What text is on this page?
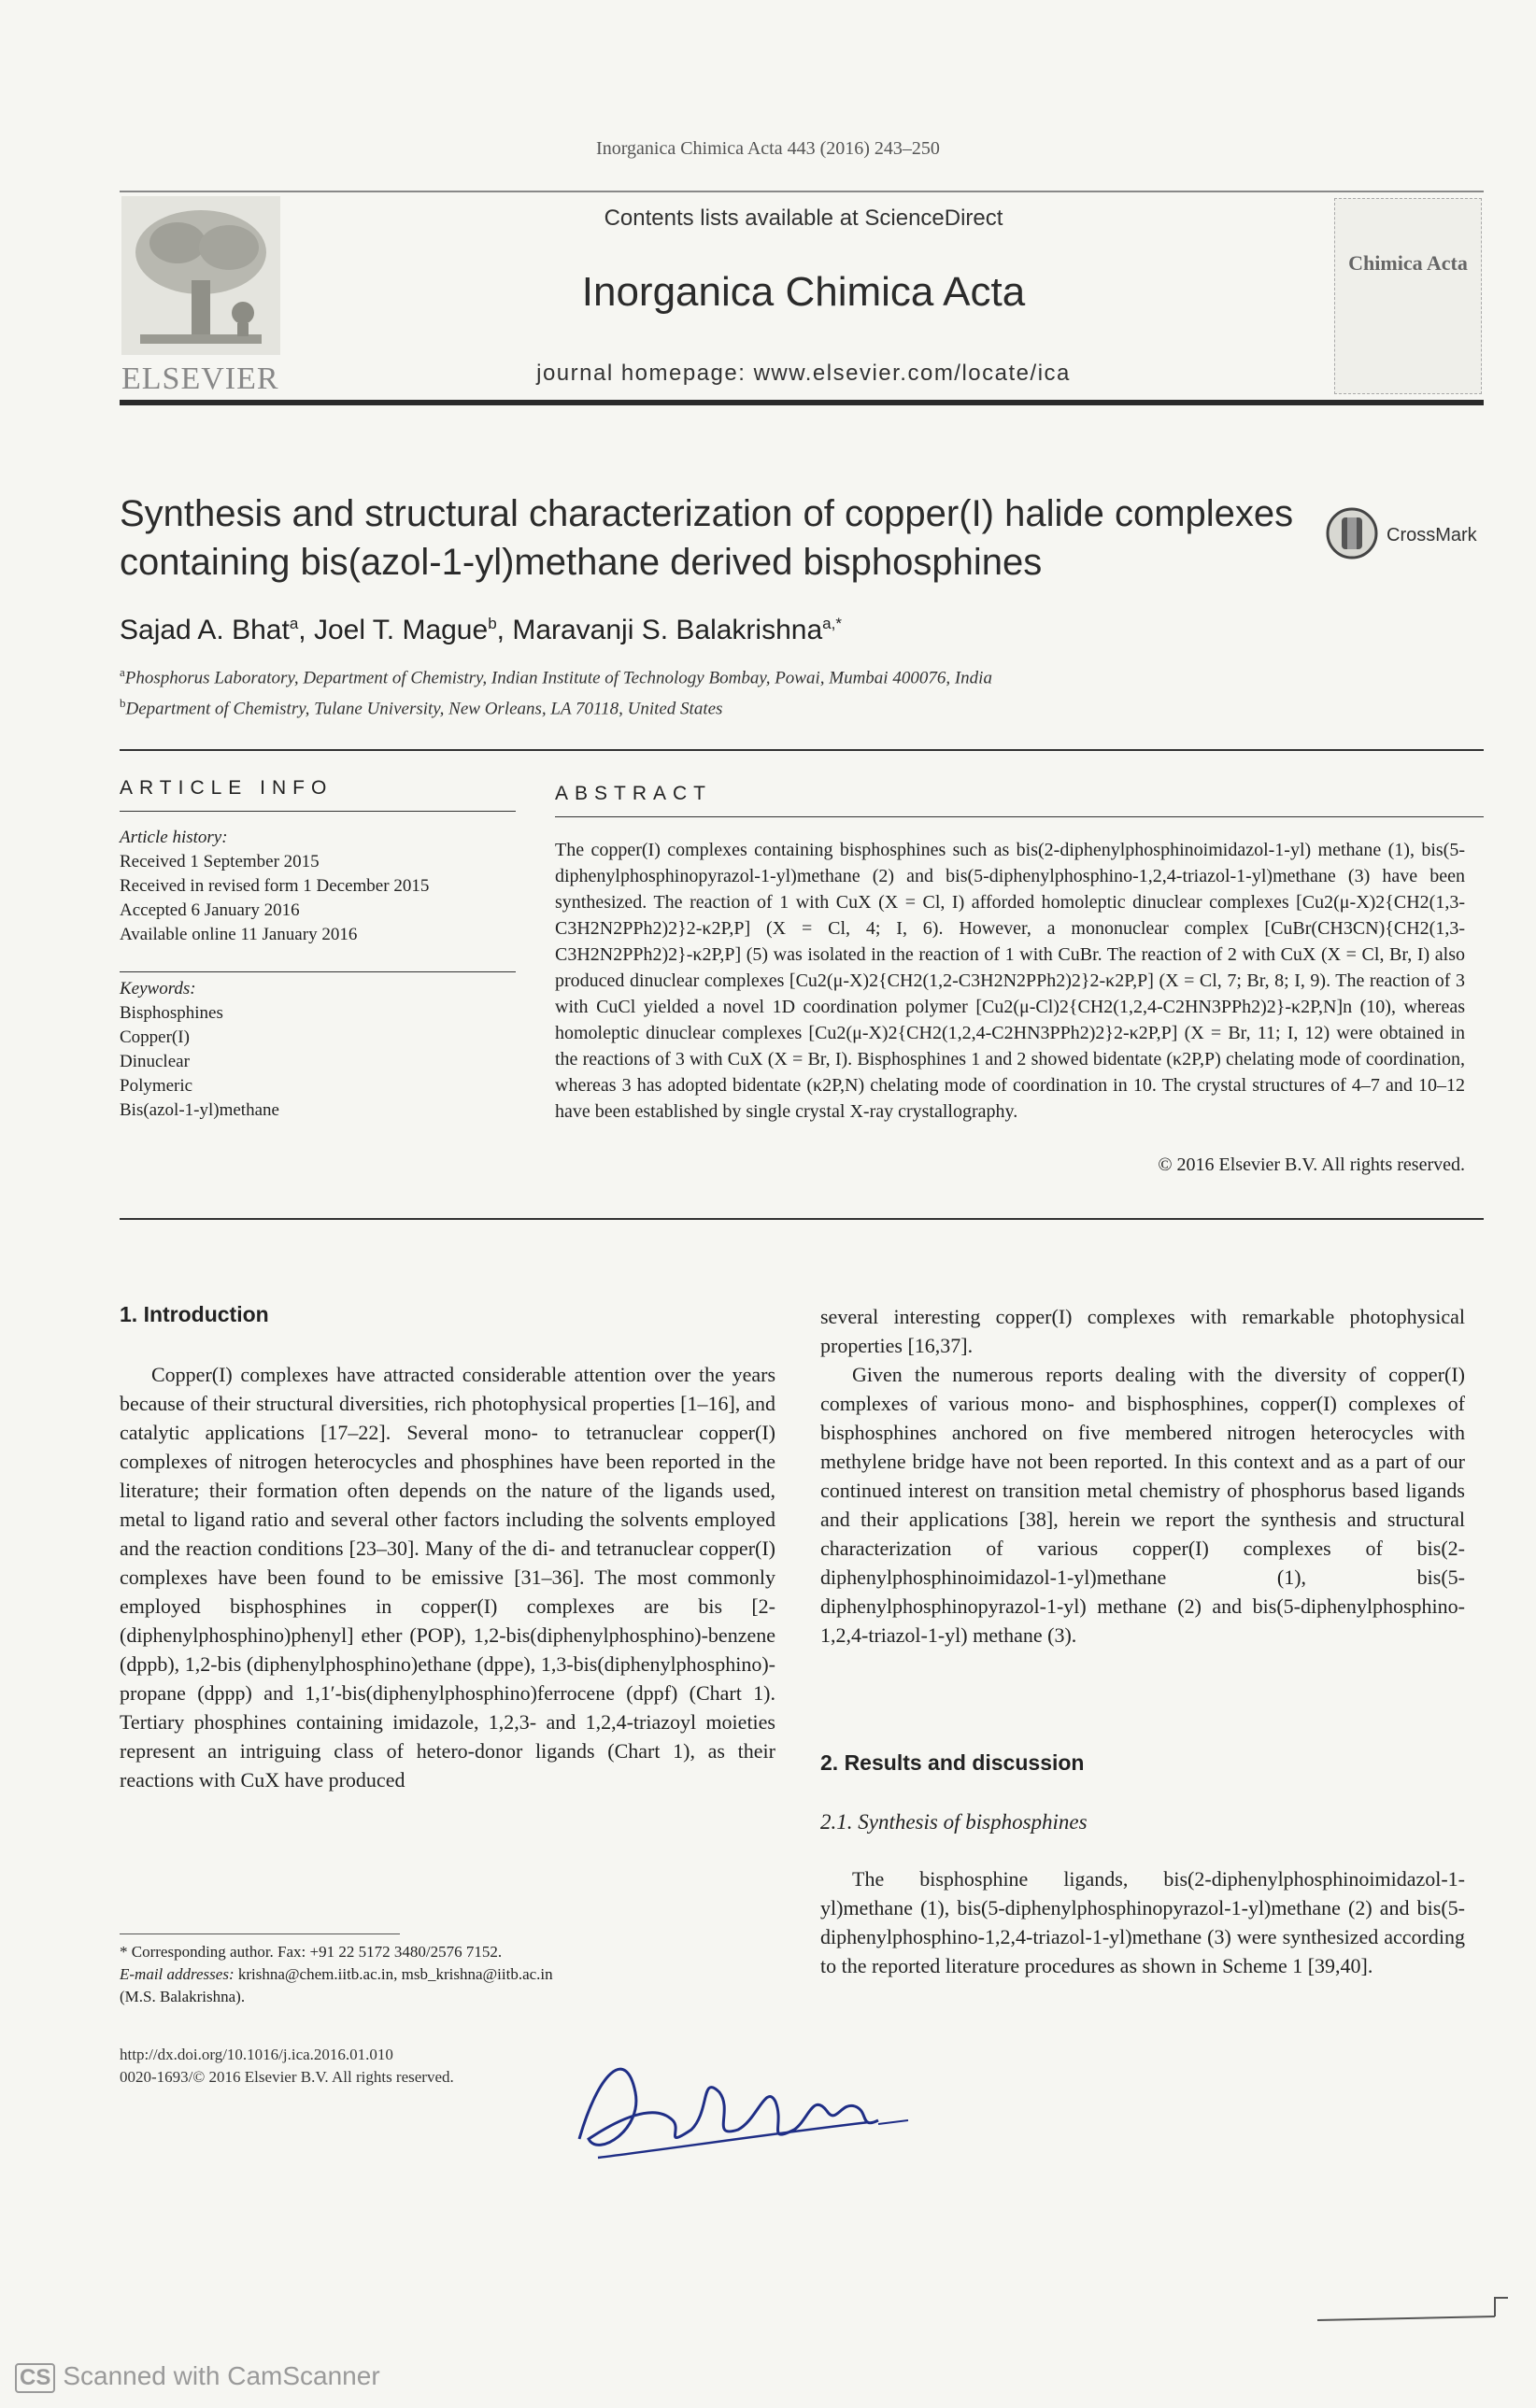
Inorganica Chimica Acta 443 (2016) 243–250
ELSEVIER
Contents lists available at ScienceDirect
Inorganica Chimica Acta
journal homepage: www.elsevier.com/locate/ica
Chimica Acta
Synthesis and structural characterization of copper(I) halide complexes
containing bis(azol-1-yl)methane derived bisphosphines
CrossMark
Sajad A. Bhat$^a$, Joel T. Mague$^b$, Maravanji S. Balakrishna$^{a,*}$
$^a$Phosphorus Laboratory, Department of Chemistry, Indian Institute of Technology Bombay, Powai, Mumbai 400076, India
$^b$Department of Chemistry, Tulane University, New Orleans, LA 70118, United States
ARTICLE INFO	ABSTRACT
Article history:
Received 1 September 2015
Received in revised form 1 December 2015
Accepted 6 January 2016
Available online 11 January 2016
Keywords:
Bisphosphines
Copper(I)
Dinuclear
Polymeric
Bis(azol-1-yl)methane
The copper(I) complexes containing bisphosphines such as bis(2-diphenylphosphinoimidazol-1-yl) methane (1), bis(5-diphenylphosphinopyrazol-1-yl)methane (2) and bis(5-diphenylphosphino-1,2,4-triazol-1-yl)methane (3) have been synthesized. The reaction of 1 with CuX (X = Cl, I) afforded homoleptic dinuclear complexes [Cu2(μ-X)2{CH2(1,3-C3H2N2PPh2)2}2-κ2P,P] (X = Cl, 4; I, 6). However, a mononuclear complex [CuBr(CH3CN){CH2(1,3-C3H2N2PPh2)2}-κ2P,P] (5) was isolated in the reaction of 1 with CuBr. The reaction of 2 with CuX (X = Cl, Br, I) also produced dinuclear complexes [Cu2(μ-X)2{CH2(1,2-C3H2N2PPh2)2}2-κ2P,P] (X = Cl, 7; Br, 8; I, 9). The reaction of 3 with CuCl yielded a novel 1D coordination polymer [Cu2(μ-Cl)2{CH2(1,2,4-C2HN3PPh2)2}-κ2P,N]n (10), whereas homoleptic dinuclear complexes [Cu2(μ-X)2{CH2(1,2,4-C2HN3PPh2)2}2-κ2P,P] (X = Br, 11; I, 12) were obtained in the reactions of 3 with CuX (X = Br, I). Bisphosphines 1 and 2 showed bidentate (κ2P,P) chelating mode of coordination, whereas 3 has adopted bidentate (κ2P,N) chelating mode of coordination in 10. The crystal structures of 4–7 and 10–12 have been established by single crystal X-ray crystallography.
© 2016 Elsevier B.V. All rights reserved.
1. Introduction

Copper(I) complexes have attracted considerable attention over the years because of their structural diversities, rich photophysical properties [1–16], and catalytic applications [17–22]. Several mono- to tetranuclear copper(I) complexes of nitrogen heterocycles and phosphines have been reported in the literature; their formation often depends on the nature of the ligands used, metal to ligand ratio and several other factors including the solvents employed and the reaction conditions [23–30]. Many of the di- and tetranuclear copper(I) complexes have been found to be emissive [31–36]. The most commonly employed bisphosphines in copper(I) complexes are bis [2-(diphenylphosphino)phenyl] ether (POP), 1,2-bis(diphenylphosphino)-benzene (dppb), 1,2-bis (diphenylphosphino)ethane (dppe), 1,3-bis(diphenylphosphino)-propane (dppp) and 1,1′-bis(diphenylphosphino)ferrocene (dppf) (Chart 1). Tertiary phosphines containing imidazole, 1,2,3- and 1,2,4-triazoyl moieties represent an intriguing class of hetero-donor ligands (Chart 1), as their reactions with CuX have produced

several interesting copper(I) complexes with remarkable photophysical properties [16,37].

Given the numerous reports dealing with the diversity of copper(I) complexes of various mono- and bisphosphines, copper(I) complexes of bisphosphines anchored on five membered nitrogen heterocycles with methylene bridge have not been reported. In this context and as a part of our continued interest on transition metal chemistry of phosphorus based ligands and their applications [38], herein we report the synthesis and structural characterization of various copper(I) complexes of bis(2-diphenylphosphinoimidazol-1-yl)methane (1), bis(5-diphenylphosphinopyrazol-1-yl) methane (2) and bis(5-diphenylphosphino-1,2,4-triazol-1-yl) methane (3).

2. Results and discussion
2.1. Synthesis of bisphosphines

The bisphosphine ligands, bis(2-diphenylphosphinoimidazol-1-yl)methane (1), bis(5-diphenylphosphinopyrazol-1-yl)methane (2) and bis(5-diphenylphosphino-1,2,4-triazol-1-yl)methane (3) were synthesized according to the reported literature procedures as shown in Scheme 1 [39,40].

* Corresponding author. Fax: +91 22 5172 3480/2576 7152.
E-mail addresses: krishna@chem.iitb.ac.in, msb_krishna@iitb.ac.in
(M.S. Balakrishna).
http://dx.doi.org/10.1016/j.ica.2016.01.010
0020-1693/© 2016 Elsevier B.V. All rights reserved.
CS Scanned with CamScanner
